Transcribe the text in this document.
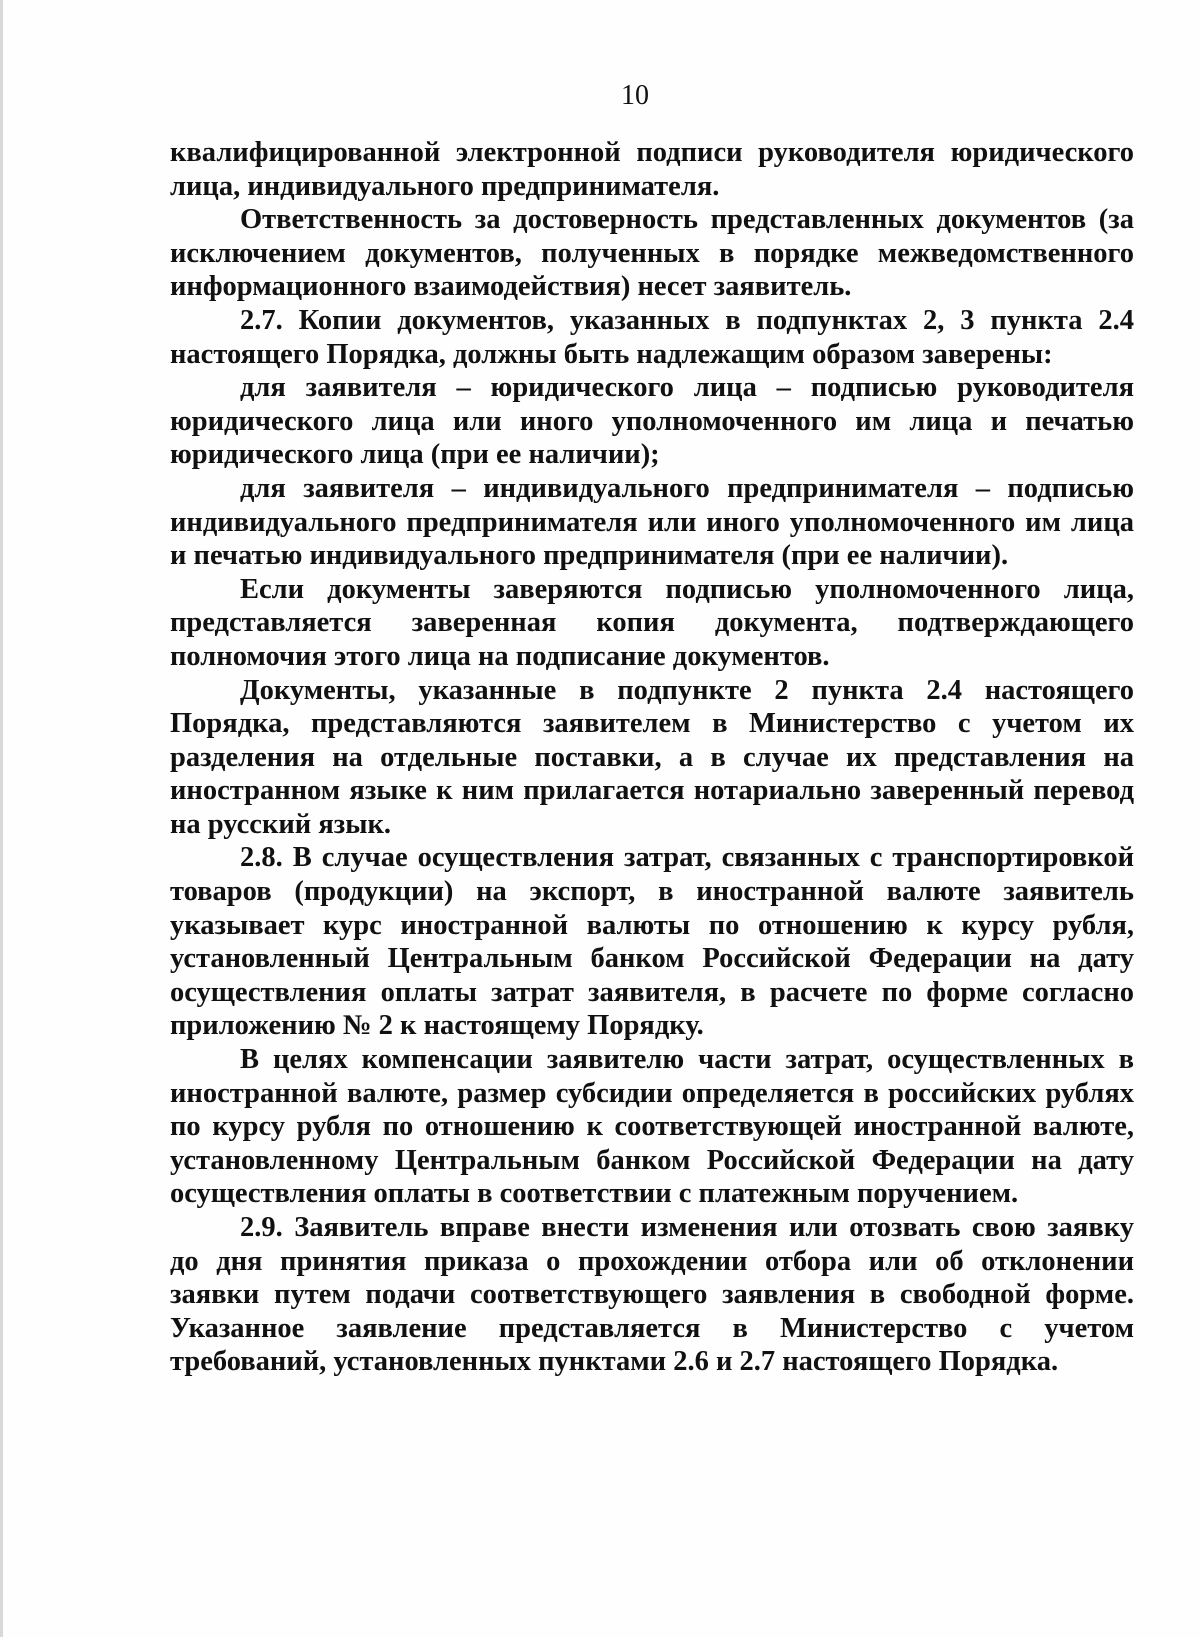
10

квалифицированной электронной подписи руководителя юридического лица, индивидуального предпринимателя.

Ответственность за достоверность представленных документов (за исключением документов, полученных в порядке межведомственного информационного взаимодействия) несет заявитель.

2.7. Копии документов, указанных в подпунктах 2, 3 пункта 2.4 настоящего Порядка, должны быть надлежащим образом заверены:

для заявителя – юридического лица – подписью руководителя юридического лица или иного уполномоченного им лица и печатью юридического лица (при ее наличии);

для заявителя – индивидуального предпринимателя – подписью индивидуального предпринимателя или иного уполномоченного им лица и печатью индивидуального предпринимателя (при ее наличии).

Если документы заверяются подписью уполномоченного лица, представляется заверенная копия документа, подтверждающего полномочия этого лица на подписание документов.

Документы, указанные в подпункте 2 пункта 2.4 настоящего Порядка, представляются заявителем в Министерство с учетом их разделения на отдельные поставки, а в случае их представления на иностранном языке к ним прилагается нотариально заверенный перевод на русский язык.

2.8. В случае осуществления затрат, связанных с транспортировкой товаров (продукции) на экспорт, в иностранной валюте заявитель указывает курс иностранной валюты по отношению к курсу рубля, установленный Центральным банком Российской Федерации на дату осуществления оплаты затрат заявителя, в расчете по форме согласно приложению № 2 к настоящему Порядку.

В целях компенсации заявителю части затрат, осуществленных в иностранной валюте, размер субсидии определяется в российских рублях по курсу рубля по отношению к соответствующей иностранной валюте, установленному Центральным банком Российской Федерации на дату осуществления оплаты в соответствии с платежным поручением.

2.9. Заявитель вправе внести изменения или отозвать свою заявку до дня принятия приказа о прохождении отбора или об отклонении заявки путем подачи соответствующего заявления в свободной форме. Указанное заявление представляется в Министерство с учетом требований, установленных пунктами 2.6 и 2.7 настоящего Порядка.
